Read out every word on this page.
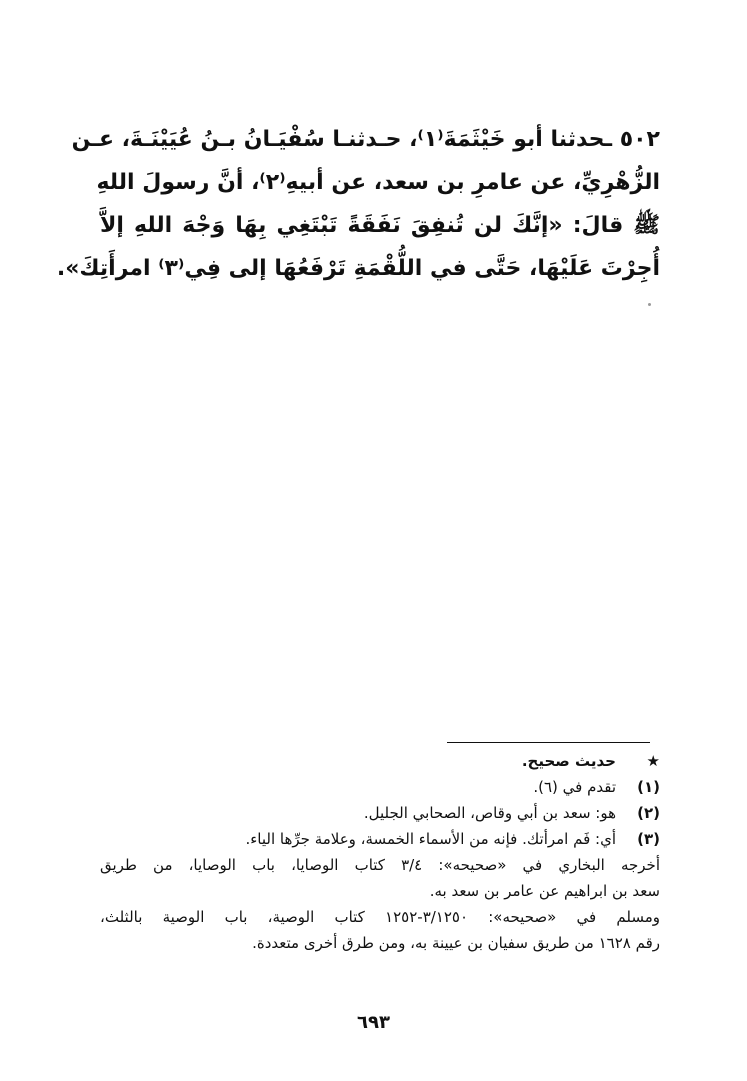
٥٠٢ ـحدثنا أبو خَيْثَمَةَ⁽١⁾، حـدثنـا سُفْيَـانُ بـنُ عُيَيْنَـةَ، عـن
الزُّهْرِيِّ، عن عامرِ بن سعد، عن أبيهِ⁽٢⁾، أنَّ رسولَ اللهِ
ﷺ قالَ: «إنَّكَ لن تُنفِقَ نَفَقَةً تَبْتَغِي بِهَا وَجْهَ اللهِ إلاَّ
أُجِرْتَ عَلَيْهَا، حَتَّى في اللُّقْمَةِ تَرْفَعُهَا إلى فِي⁽٣⁾ امرأَتِكَ».
★
حديث صحيح.
(١)
تقدم في (٦).
(٢)
هو: سعد بن أبي وقاص، الصحابي الجليل.
(٣)
أي: فَم امرأتك. فإنه من الأسماء الخمسة، وعلامة جرِّها الياء.
أخرجه البخاري في «صحيحه»: ٣/٤ كتاب الوصايا، باب الوصايا، من طريق
سعد بن ابراهيم عن عامر بن سعد به.
ومسلم في «صحيحه»: ٣/١٢٥٠-١٢٥٢ كتاب الوصية، باب الوصية بالثلث،
رقم ١٦٢٨ من طريق سفيان بن عيينة به، ومن طرق أخرى متعددة.
٦٩٣
